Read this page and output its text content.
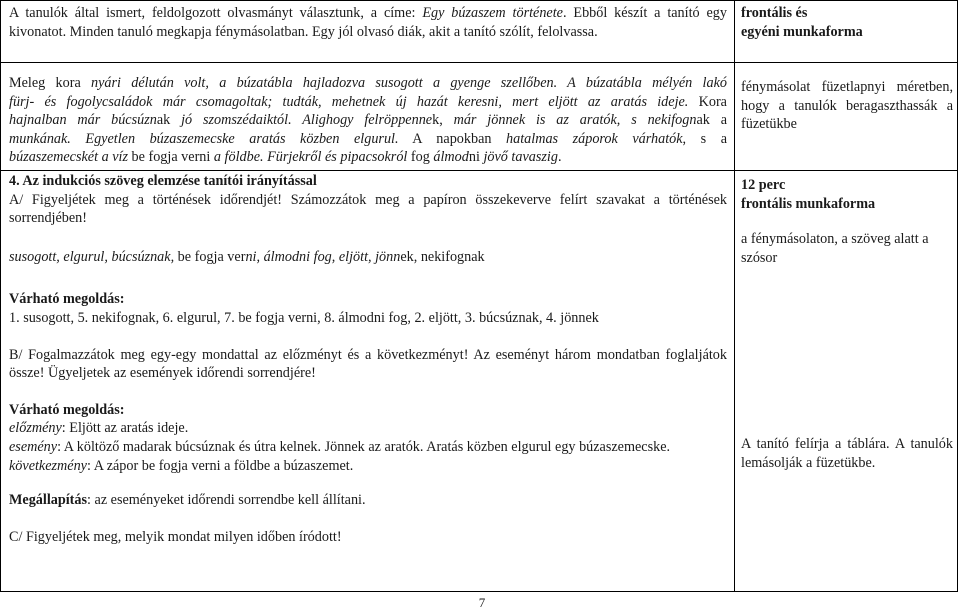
A tanulók által ismert, feldolgozott olvasmányt választunk, a címe: Egy búzaszem története. Ebből készít a tanító egy kivonatot. Minden tanuló megkapja fénymásolatban. Egy jól olvasó diák, akit a tanító szólít, felolvassa.
frontális és
egyéni munkaforma
Meleg kora nyári délután volt, a búzatábla hajladozva susogott a gyenge szellőben. A búzatábla mélyén lakó
fürj- és fogolycsaládok már csomagoltak; tudták, mehetnek új hazát keresni, mert eljött az aratás ideje. Kora
hajnalban már búcsúznak jó szomszédaiktól. Alighogy felröppennek, már jönnek is az aratók, s nekifognak a
munkának. Egyetlen búzaszemecske aratás közben elgurul. A napokban hatalmas záporok várhatók, s a
búzaszemecskét a víz be fogja verni a földbe. Fürjekről és pipacsokról fog álmodni jövő tavaszig.
fénymásolat füzetlapnyi méretben, hogy a tanulók beragaszthassák a füzetükbe
4. Az indukciós szöveg elemzése tanítói irányítással
A/ Figyeljétek meg a történések időrendjét! Számozzátok meg a papíron összekeverve felírt szavakat a történések sorrendjében!
susogott, elgurul, búcsúznak, be fogja verni, álmodni fog, eljött, jönnek, nekifognak
Várható megoldás:
1. susogott, 5. nekifognak, 6. elgurul, 7. be fogja verni, 8. álmodni fog, 2. eljött, 3. búcsúznak, 4. jönnek
B/ Fogalmazzátok meg egy-egy mondattal az előzményt és a következményt! Az eseményt három mondatban foglaljátok össze! Ügyeljetek az események időrendi sorrendjére!
Várható megoldás:
előzmény: Eljött az aratás ideje.
esemény: A költöző madarak búcsúznak és útra kelnek. Jönnek az aratók. Aratás közben elgurul egy búzaszemecske.
következmény: A zápor be fogja verni a földbe a búzaszemet.
Megállapítás: az eseményeket időrendi sorrendbe kell állítani.
C/ Figyeljétek meg, melyik mondat milyen időben íródott!
12 perc
frontális munkaforma
a fénymásolaton, a szöveg alatt a szósor
A tanító felírja a táblára. A tanulók lemásolják a füzetükbe.
7
